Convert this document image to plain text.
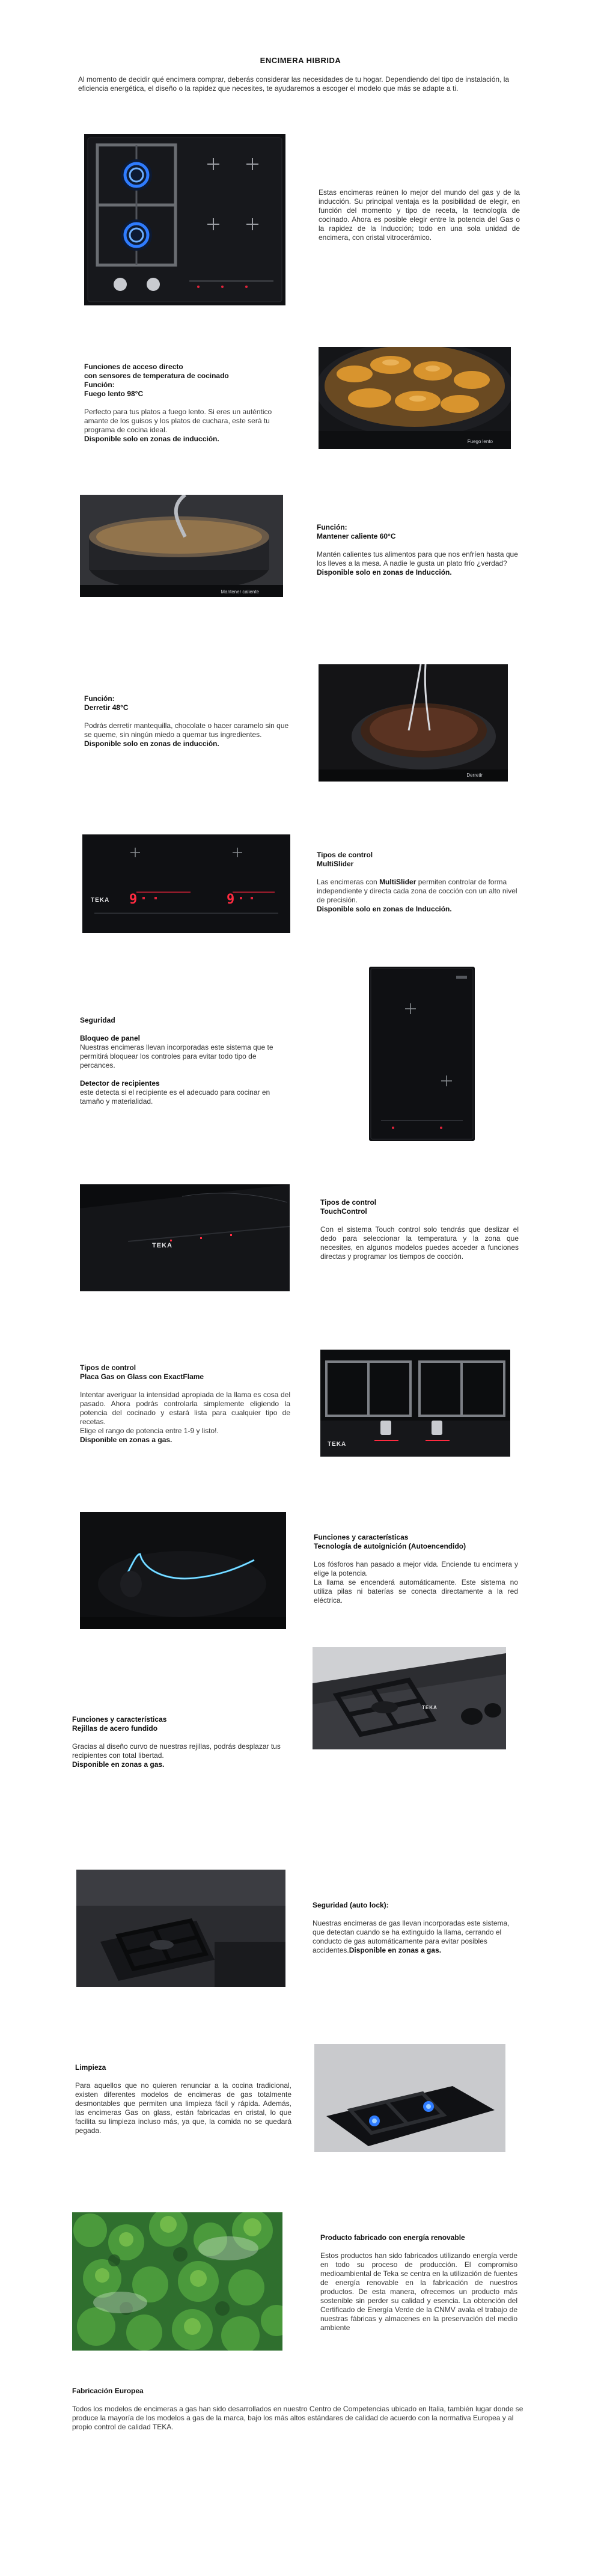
ENCIMERA HIBRIDA
Al momento de decidir qué encimera comprar, deberás considerar las necesidades de tu hogar. Dependiendo del tipo de instalación, la eficiencia energética, el diseño o la rapidez que necesites, te ayudaremos a escoger el modelo que más se adapte a ti.
Estas encimeras reúnen lo mejor del mundo del gas y de la inducción. Su principal ventaja es la posibilidad de elegir, en función del momento y tipo de receta, la tecnología de cocinado. Ahora es posible elegir entre la potencia del Gas o la rapidez de la Inducción; todo en una sola unidad de encimera, con cristal vitrocerámico.
Funciones de acceso directo
con sensores de temperatura de cocinado
Función:
Fuego lento 98°C
Perfecto para tus platos a fuego lento. Si eres un auténtico amante de los guisos y los platos de cuchara, este será tu programa de cocina ideal.
Disponible solo en zonas de inducción.	Fuego lento
Mantener caliente
Función:
Mantener caliente 60°C
Mantén calientes tus alimentos para que nos enfríen hasta que los lleves a la mesa. A nadie le gusta un plato frío ¿verdad?
Disponible solo en zonas de Inducción.
Función:
Derretir 48°C
Podrás derretir mantequilla, chocolate o hacer caramelo sin que se queme, sin ningún miedo a quemar tus ingredientes.
Disponible solo en zonas de inducción.
Derretir
9	9
TEKA
Tipos de control
MultiSlider
Las encimeras con MultiSlider permiten controlar de forma independiente y directa cada zona de cocción con un alto nivel de precisión.
Disponible solo en zonas de Inducción.
Seguridad
Bloqueo de panel
Nuestras encimeras llevan incorporadas este sistema que te permitirá bloquear los controles para evitar todo tipo de percances.
Detector de recipientes
este detecta si el recipiente es el adecuado para cocinar en tamaño y materialidad.
TEKA
Tipos de control
TouchControl
Con el sistema Touch control solo tendrás que deslizar el dedo para seleccionar la temperatura y la zona que necesites, en algunos modelos puedes acceder a funciones directas y programar los tiempos de cocción.
Tipos de control
Placa Gas on Glass con ExactFlame
Intentar averiguar la intensidad apropiada de la llama es cosa del pasado. Ahora podrás controlarla simplemente eligiendo la potencia del cocinado y estará lista para cualquier tipo de recetas.
Elige el rango de potencia entre 1-9 y listo!.
Disponible en zonas a gas.
TEKA
Funciones y características
Tecnología de autoignición (Autoencendido)
Los fósforos han pasado a mejor vida. Enciende tu encimera y elige la potencia.
La llama se encenderá automáticamente. Este sistema no utiliza pilas ni baterías se conecta directamente a la red eléctrica.
Funciones y características
Rejillas de acero fundido
Gracias al diseño curvo de nuestras rejillas, podrás desplazar tus recipientes con total libertad.
Disponible en zonas a gas.
TEKA
Seguridad (auto lock):
Nuestras encimeras de gas llevan incorporadas este sistema, que detectan cuando se ha extinguido la llama, cerrando el conducto de gas automáticamente para evitar posibles accidentes.Disponible en zonas a gas.
Limpieza
Para aquellos que no quieren renunciar a la cocina tradicional, existen diferentes modelos de encimeras de gas totalmente desmontables que permiten una limpieza fácil y rápida. Además, las encimeras Gas on glass, están fabricadas en cristal, lo que facilita su limpieza incluso más, ya que, la comida no se quedará pegada.
Producto fabricado con energía renovable
Estos productos han sido fabricados utilizando energía verde en todo su proceso de producción. El compromiso medioambiental de Teka se centra en la utilización de fuentes de energía renovable en la fabricación de nuestros productos. De esta manera, ofrecemos un producto más sostenible sin perder su calidad y esencia. La obtención del Certificado de Energía Verde de la CNMV avala el trabajo de nuestras fábricas y almacenes en la preservación del medio ambiente
Fabricación Europea
Todos los modelos de encimeras a gas han sido desarrollados en nuestro Centro de Competencias ubicado en Italia, también lugar donde se produce la mayoría de los modelos a gas de la marca, bajo los más altos estándares de calidad de acuerdo con la normativa Europea y al propio control de calidad TEKA.
